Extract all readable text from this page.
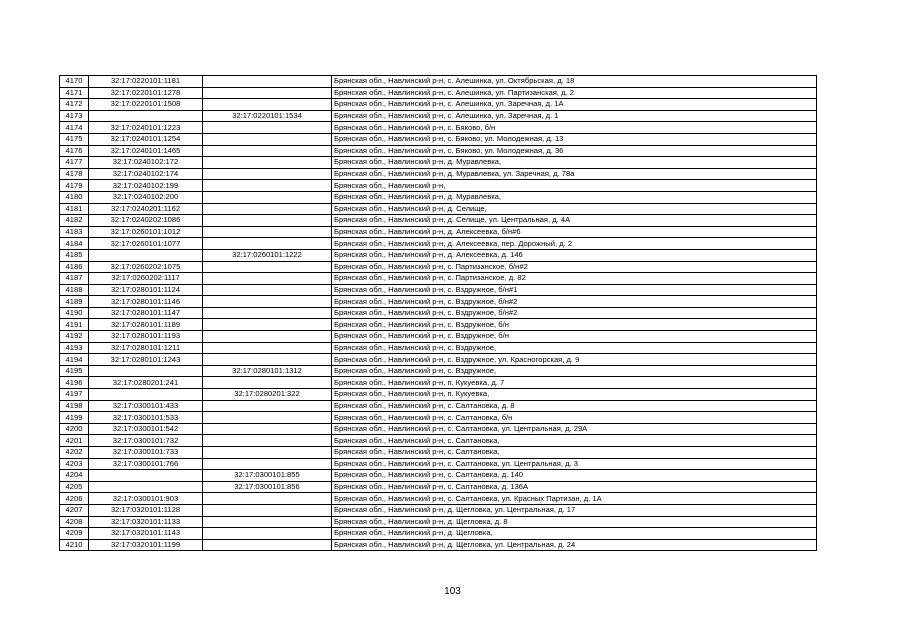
4170	32:17:0220101:1181		Брянская обл., Навлинский р-н, с. Алешинка, ул. Октябрьская, д. 18
4171	32:17:0220101:1278		Брянская обл., Навлинский р-н, с. Алешинка, ул. Партизанская, д. 2
4172	32:17:0220101:1508		Брянская обл., Навлинский р-н, с. Алешинка, ул. Заречная, д. 1А
4173		32:17:0220101:1534	Брянская обл., Навлинский р-н, с. Алешинка, ул. Заречная, д. 1
4174	32:17:0240101:1223		Брянская обл., Навлинский р-н, с. Бяково, б/н
4175	32:17:0240101:1254		Брянская обл., Навлинский р-н, с. Бяково, ул. Молодежная, д. 13
4176	32:17:0240101:1465		Брянская обл., Навлинский р-н, с. Бяково, ул. Молодежная, д. 36
4177	32:17:0240102:172		Брянская обл., Навлинский р-н, д. Муравлевка,
4178	32:17:0240102:174		Брянская обл., Навлинский р-н, д. Муравлевка, ул. Заречная, д. 78а
4179	32:17:0240102:199		Брянская обл., Навлинский р-н,
4180	32:17:0240102:200		Брянская обл., Навлинский р-н, д. Муравлевка,
4181	32:17:0240201:1162		Брянская обл., Навлинский р-н, д. Селище,
4182	32:17:0240202:1086		Брянская обл., Навлинский р-н, д. Селище, ул. Центральная, д. 4А
4183	32:17:0260101:1012		Брянская обл., Навлинский р-н, д. Алексеевка, б/н#6
4184	32:17:0260101:1077		Брянская обл., Навлинский р-н, д. Алексеевка, пер. Дорожный, д. 2
4185		32:17:0260101:1222	Брянская обл., Навлинский р-н, д. Алексеевка, д. 146
4186	32:17:0260202:1075		Брянская обл., Навлинский р-н, с. Партизанское, б/н#2
4187	32:17:0260202:1117		Брянская обл., Навлинский р-н, с. Партизанское, д. 82
4188	32:17:0280101:1124		Брянская обл., Навлинский р-н, с. Вздружное, б/н#1
4189	32:17:0280101:1146		Брянская обл., Навлинский р-н, с. Вздружное, б/н#2
4190	32:17:0280101:1147		Брянская обл., Навлинский р-н, с. Вздружное, б/н#2
4191	32:17:0280101:1189		Брянская обл., Навлинский р-н, с. Вздружное, б/н
4192	32:17:0280101:1193		Брянская обл., Навлинский р-н, с. Вздружное, б/н
4193	32:17:0280101:1211		Брянская обл., Навлинский р-н, с. Вздружное,
4194	32:17:0280101:1243		Брянская обл., Навлинский р-н, с. Вздружное, ул. Красногорская, д. 9
4195		32:17:0280101:1312	Брянская обл., Навлинский р-н, с. Вздружное,
4196	32:17:0280201:241		Брянская обл., Навлинский р-н, п. Кукуевка, д. 7
4197		32:17:0280201:322	Брянская обл., Навлинский р-н, п. Кукуевка,
4198	32:17:0300101:433		Брянская обл., Навлинский р-н, с. Салтановка, д. 8
4199	32:17:0300101:533		Брянская обл., Навлинский р-н, с. Салтановка, б/н
4200	32:17:0300101:542		Брянская обл., Навлинский р-н, с. Салтановка, ул. Центральная, д. 29А
4201	32:17:0300101:732		Брянская обл., Навлинский р-н, с. Салтановка,
4202	32:17:0300101:733		Брянская обл., Навлинский р-н, с. Салтановка,
4203	32:17:0300101:766		Брянская обл., Навлинский р-н, с. Салтановка, ул. Центральная, д. 3
4204		32:17:0300101:855	Брянская обл., Навлинский р-н, с. Салтановка, д. 140
4205		32:17:0300101:856	Брянская обл., Навлинский р-н, с. Салтановка, д. 136А
4206	32:17:0300101:903		Брянская обл., Навлинский р-н, с. Салтановка, ул. Красных Партизан, д. 1А
4207	32:17:0320101:1128		Брянская обл., Навлинский р-н, д. Щегловка, ул. Центральная, д. 17
4208	32:17:0320101:1133		Брянская обл., Навлинский р-н, д. Щегловка, д. 8
4209	32:17:0320101:1143		Брянская обл., Навлинский р-н, д. Щегловка,
4210	32:17:0320101:1199		Брянская обл., Навлинский р-н, д. Щегловка, ул. Центральная, д. 24
103
